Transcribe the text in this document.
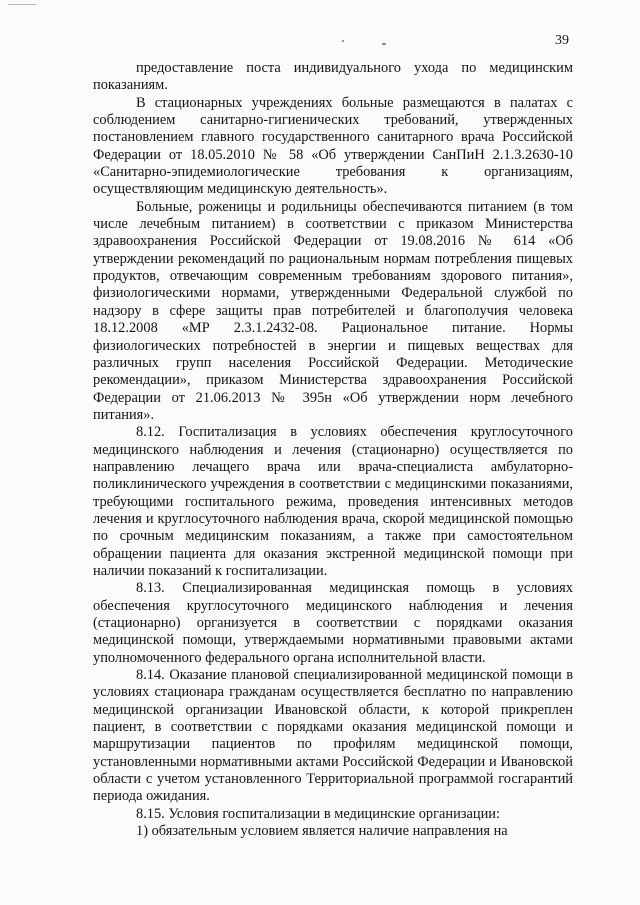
39

предоставление поста индивидуального ухода по медицинским показаниям.

В стационарных учреждениях больные размещаются в палатах с соблюдением санитарно-гигиенических требований, утвержденных постановлением главного государственного санитарного врача Российской Федерации от 18.05.2010 № 58 «Об утверждении СанПиН 2.1.3.2630-10 «Санитарно-эпидемиологические требования к организациям, осуществляющим медицинскую деятельность».

Больные, роженицы и родильницы обеспечиваются питанием (в том числе лечебным питанием) в соответствии с приказом Министерства здравоохранения Российской Федерации от 19.08.2016 № 614 «Об утверждении рекомендаций по рациональным нормам потребления пищевых продуктов, отвечающим современным требованиям здорового питания», физиологическими нормами, утвержденными Федеральной службой по надзору в сфере защиты прав потребителей и благополучия человека 18.12.2008 «МР 2.3.1.2432-08. Рациональное питание. Нормы физиологических потребностей в энергии и пищевых веществах для различных групп населения Российской Федерации. Методические рекомендации», приказом Министерства здравоохранения Российской Федерации от 21.06.2013 № 395н «Об утверждении норм лечебного питания».

8.12. Госпитализация в условиях обеспечения круглосуточного медицинского наблюдения и лечения (стационарно) осуществляется по направлению лечащего врача или врача-специалиста амбулаторно-поликлинического учреждения в соответствии с медицинскими показаниями, требующими госпитального режима, проведения интенсивных методов лечения и круглосуточного наблюдения врача, скорой медицинской помощью по срочным медицинским показаниям, а также при самостоятельном обращении пациента для оказания экстренной медицинской помощи при наличии показаний к госпитализации.

8.13. Специализированная медицинская помощь в условиях обеспечения круглосуточного медицинского наблюдения и лечения (стационарно) организуется в соответствии с порядками оказания медицинской помощи, утверждаемыми нормативными правовыми актами уполномоченного федерального органа исполнительной власти.

8.14. Оказание плановой специализированной медицинской помощи в условиях стационара гражданам осуществляется бесплатно по направлению медицинской организации Ивановской области, к которой прикреплен пациент, в соответствии с порядками оказания медицинской помощи и маршрутизации пациентов по профилям медицинской помощи, установленными нормативными актами Российской Федерации и Ивановской области с учетом установленного Территориальной программой госгарантий периода ожидания.

8.15. Условия госпитализации в медицинские организации:

1) обязательным условием является наличие направления на
